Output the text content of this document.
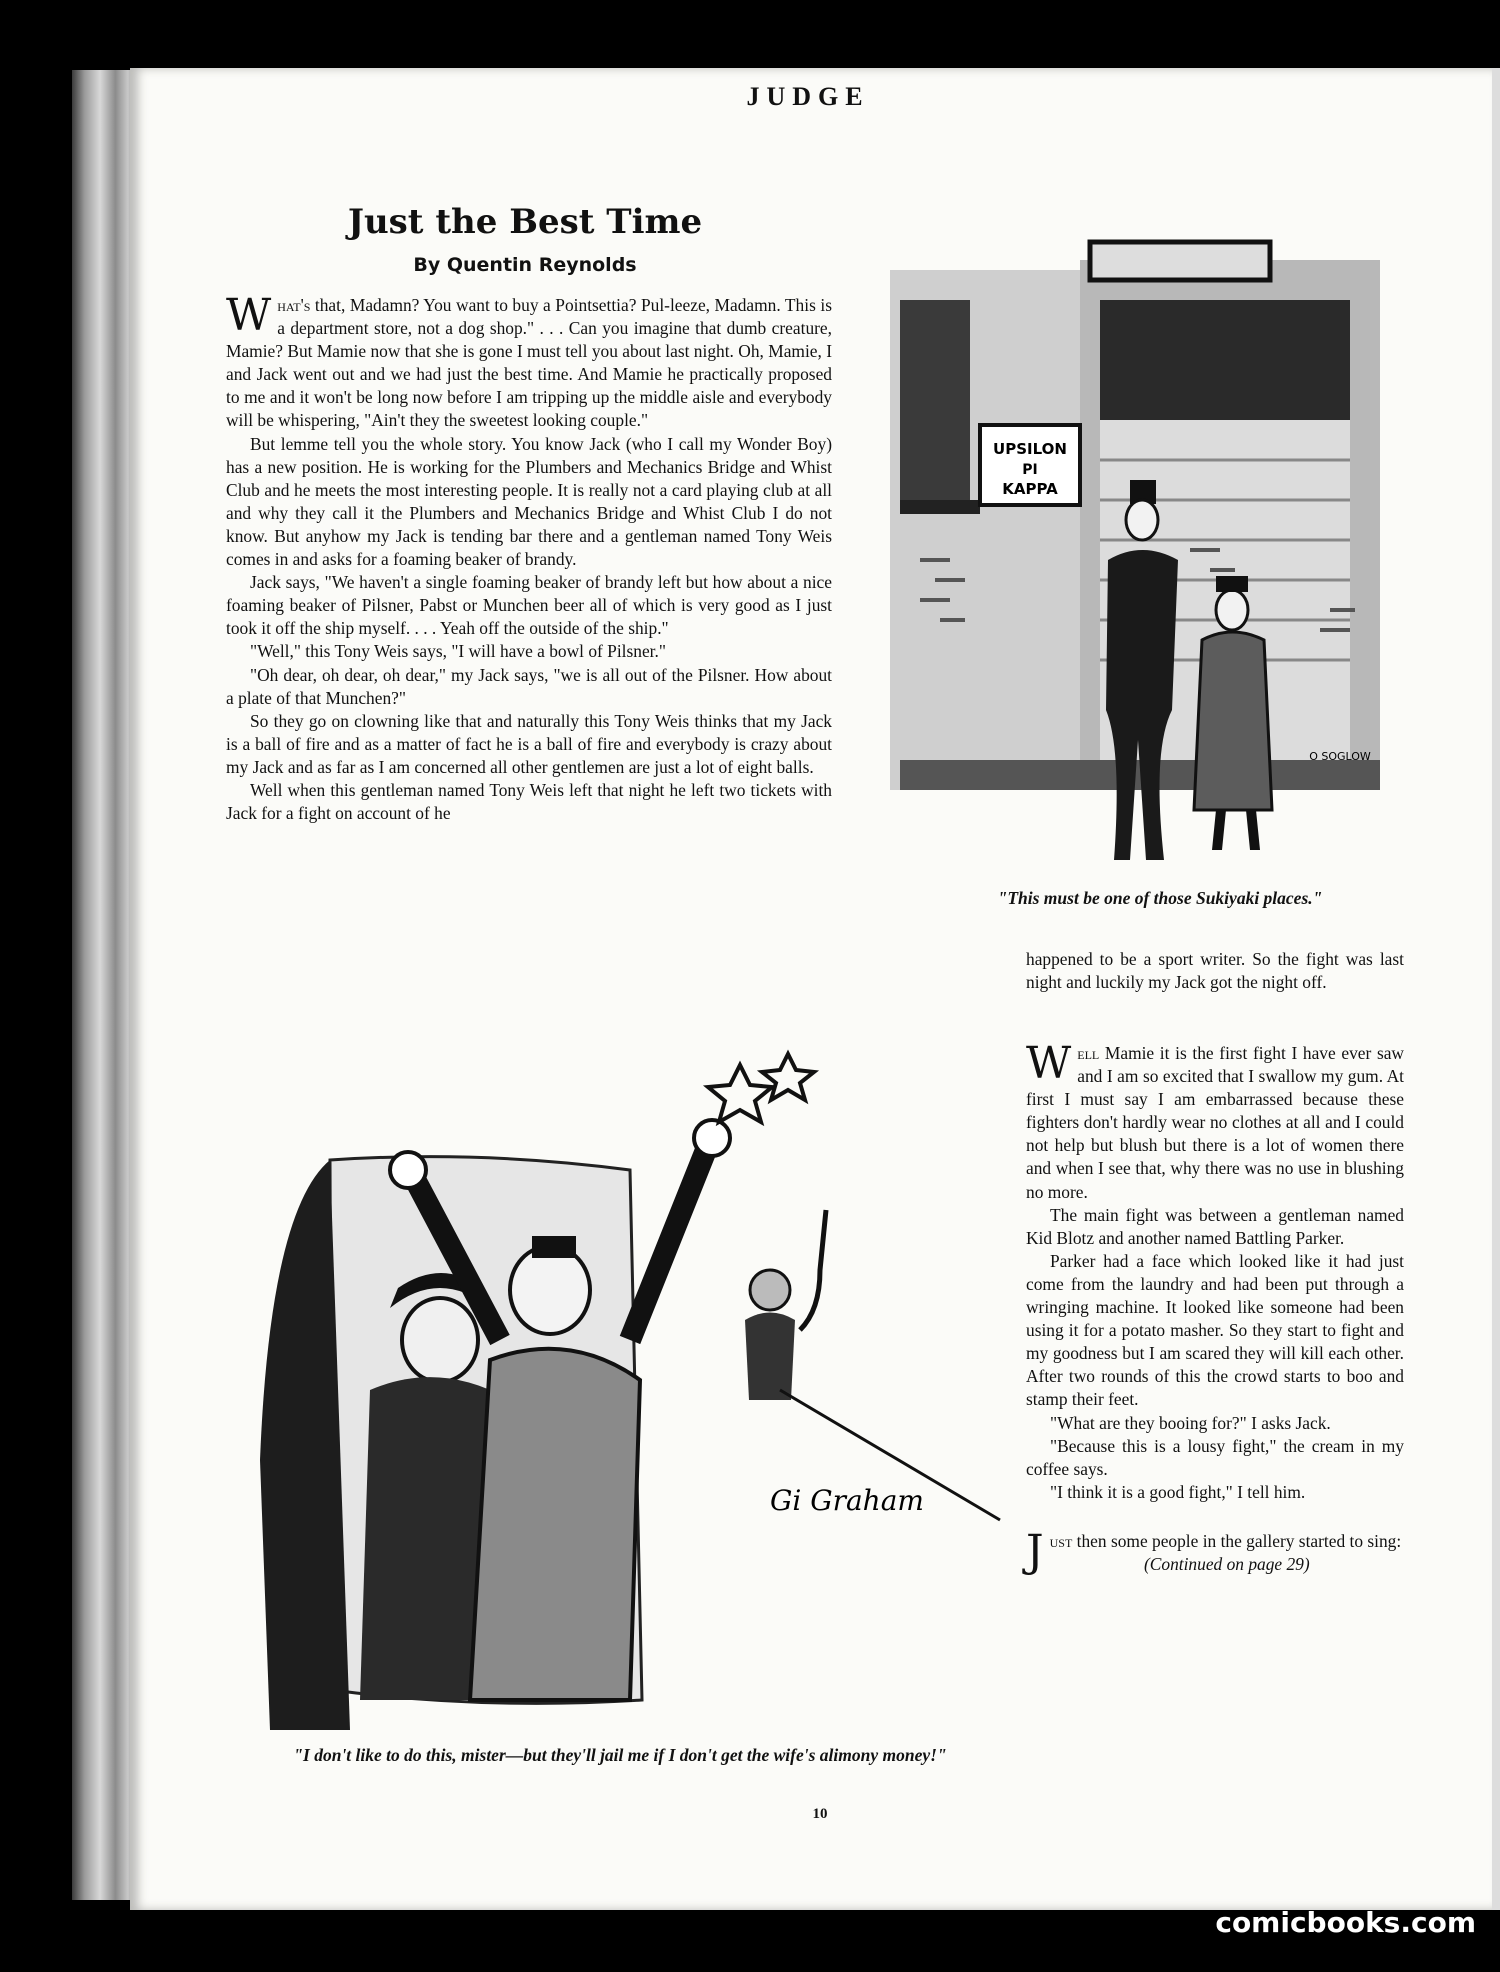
JUDGE
Just the Best Time
By Quentin Reynolds

What's that, Madamn? You want to buy a Pointsettia? Pul-leeze, Madamn. This is a department store, not a dog shop." . . . Can you imagine that dumb creature, Mamie? But Mamie now that she is gone I must tell you about last night. Oh, Mamie, I and Jack went out and we had just the best time. And Mamie he practically proposed to me and it won't be long now before I am tripping up the middle aisle and everybody will be whispering, "Ain't they the sweetest looking couple."

But lemme tell you the whole story. You know Jack (who I call my Wonder Boy) has a new position. He is working for the Plumbers and Mechanics Bridge and Whist Club and he meets the most interesting people. It is really not a card playing club at all and why they call it the Plumbers and Mechanics Bridge and Whist Club I do not know. But anyhow my Jack is tending bar there and a gentleman named Tony Weis comes in and asks for a foaming beaker of brandy.

Jack says, "We haven't a single foaming beaker of brandy left but how about a nice foaming beaker of Pilsner, Pabst or Munchen beer all of which is very good as I just took it off the ship myself. . . . Yeah off the outside of the ship."

"Well," this Tony Weis says, "I will have a bowl of Pilsner."

"Oh dear, oh dear, oh dear," my Jack says, "we is all out of the Pilsner. How about a plate of that Munchen?"

So they go on clowning like that and naturally this Tony Weis thinks that my Jack is a ball of fire and as a matter of fact he is a ball of fire and everybody is crazy about my Jack and as far as I am concerned all other gentlemen are just a lot of eight balls.

Well when this gentleman named Tony Weis left that night he left two tickets with Jack for a fight on account of he

happened to be a sport writer. So the fight was last night and luckily my Jack got the night off.

Well Mamie it is the first fight I have ever saw and I am so excited that I swallow my gum. At first I must say I am embarrassed because these fighters don't hardly wear no clothes at all and I could not help but blush but there is a lot of women there and when I see that, why there was no use in blushing no more.

The main fight was between a gentleman named Kid Blotz and another named Battling Parker.

Parker had a face which looked like it had just come from the laundry and had been put through a wringing machine. It looked like someone had been using it for a potato masher. So they start to fight and my goodness but I am scared they will kill each other. After two rounds of this the crowd starts to boo and stamp their feet.

"What are they booing for?" I asks Jack.

"Because this is a lousy fight," the cream in my coffee says.

"I think it is a good fight," I tell him.

Just then some people in the gallery started to sing:

(Continued on page 29)

UPSILON
PI
KAPPA
O SOGLOW
"This must be one of those Sukiyaki places."
Gi Graham
"I don't like to do this, mister—but they'll jail me if I don't get the wife's alimony money!"
10
comicbooks.com
